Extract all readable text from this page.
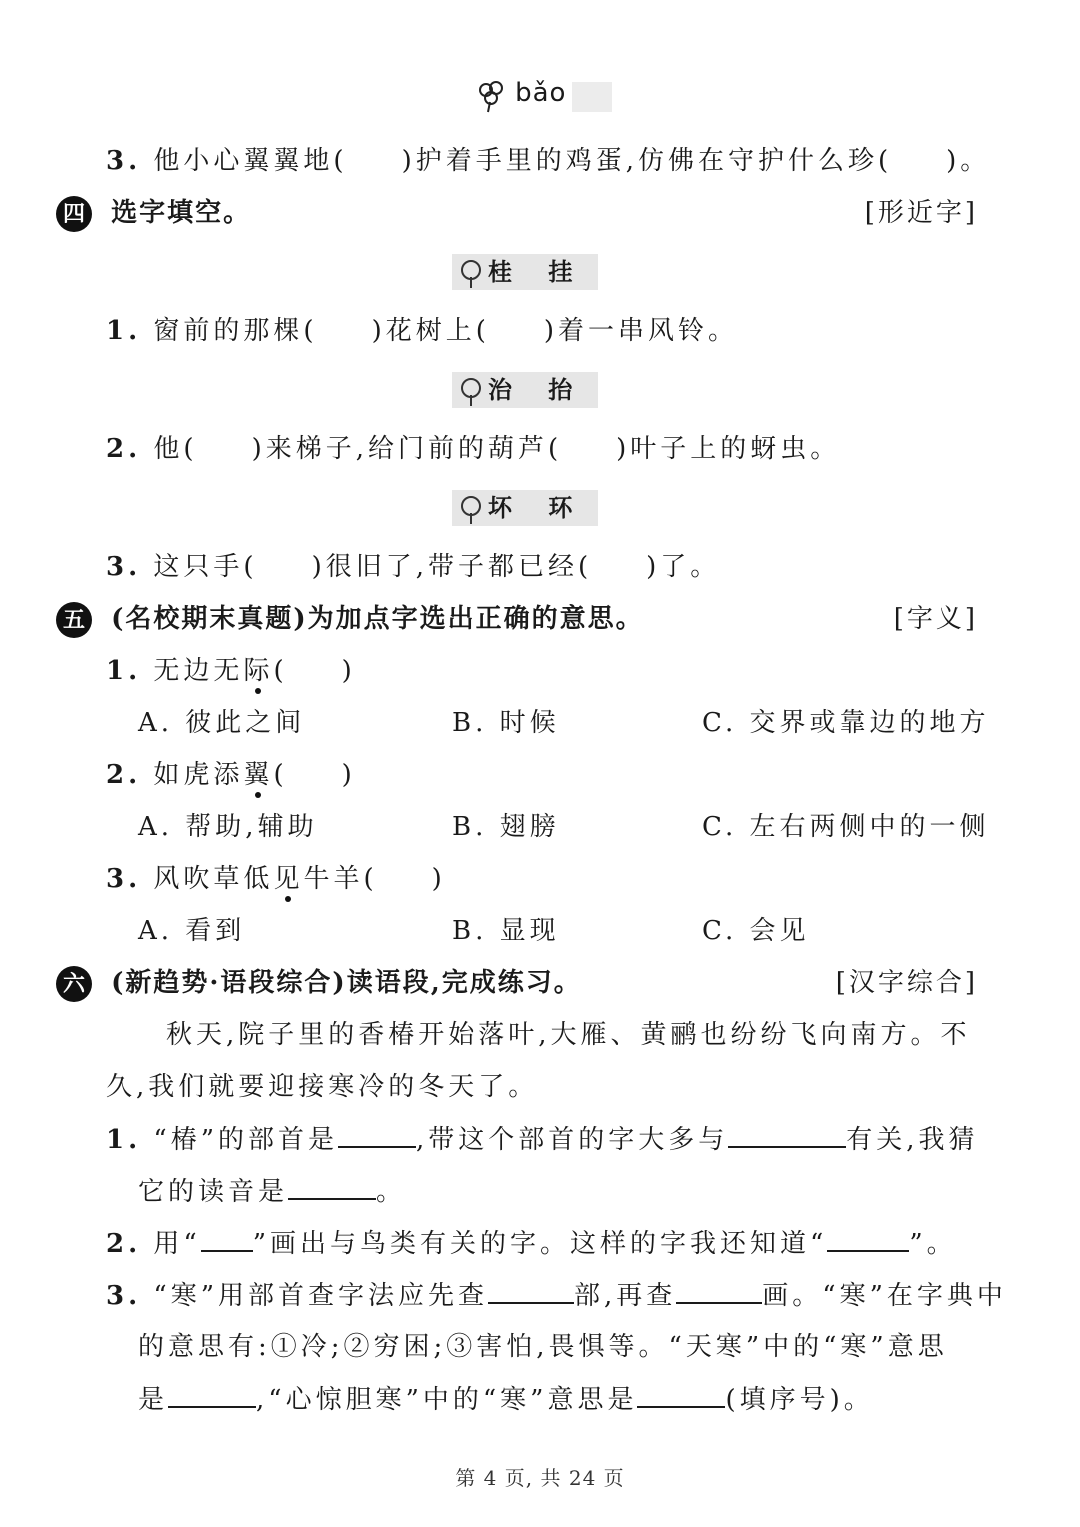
bǎo
3. 他小心翼翼地( )护着手里的鸡蛋,仿佛在守护什么珍( )。
四 选字填空。	[形近字]
桂 挂
1. 窗前的那棵( )花树上( )着一串风铃。
治 抬
2. 他( )来梯子,给门前的葫芦( )叶子上的蚜虫。
坏 环
3. 这只手( )很旧了,带子都已经( )了。
五 (名校期末真题)为加点字选出正确的意思。	[字义]
1. 无边无际( )
A. 彼此之间	B. 时候	C. 交界或靠边的地方
2. 如虎添翼( )
A. 帮助,辅助	B. 翅膀	C. 左右两侧中的一侧
3. 风吹草低见牛羊( )
A. 看到	B. 显现	C. 会见
六 (新趋势·语段综合)读语段,完成练习。	[汉字综合]
秋天,院子里的香椿开始落叶,大雁、黄鹂也纷纷飞向南方。不
久,我们就要迎接寒冷的冬天了。
1. “椿”的部首是	,带这个部首的字大多与	有关,我猜
它的读音是	。
2. 用“ ”画出与鸟类有关的字。这样的字我还知道“	”。
3. “寒”用部首查字法应先查	部,再查	画。“寒”在字典中
的意思有:①冷;②穷困;③害怕,畏惧等。“天寒”中的“寒”意思
是	,“心惊胆寒”中的“寒”意思是	(填序号)。
第 4 页, 共 24 页
